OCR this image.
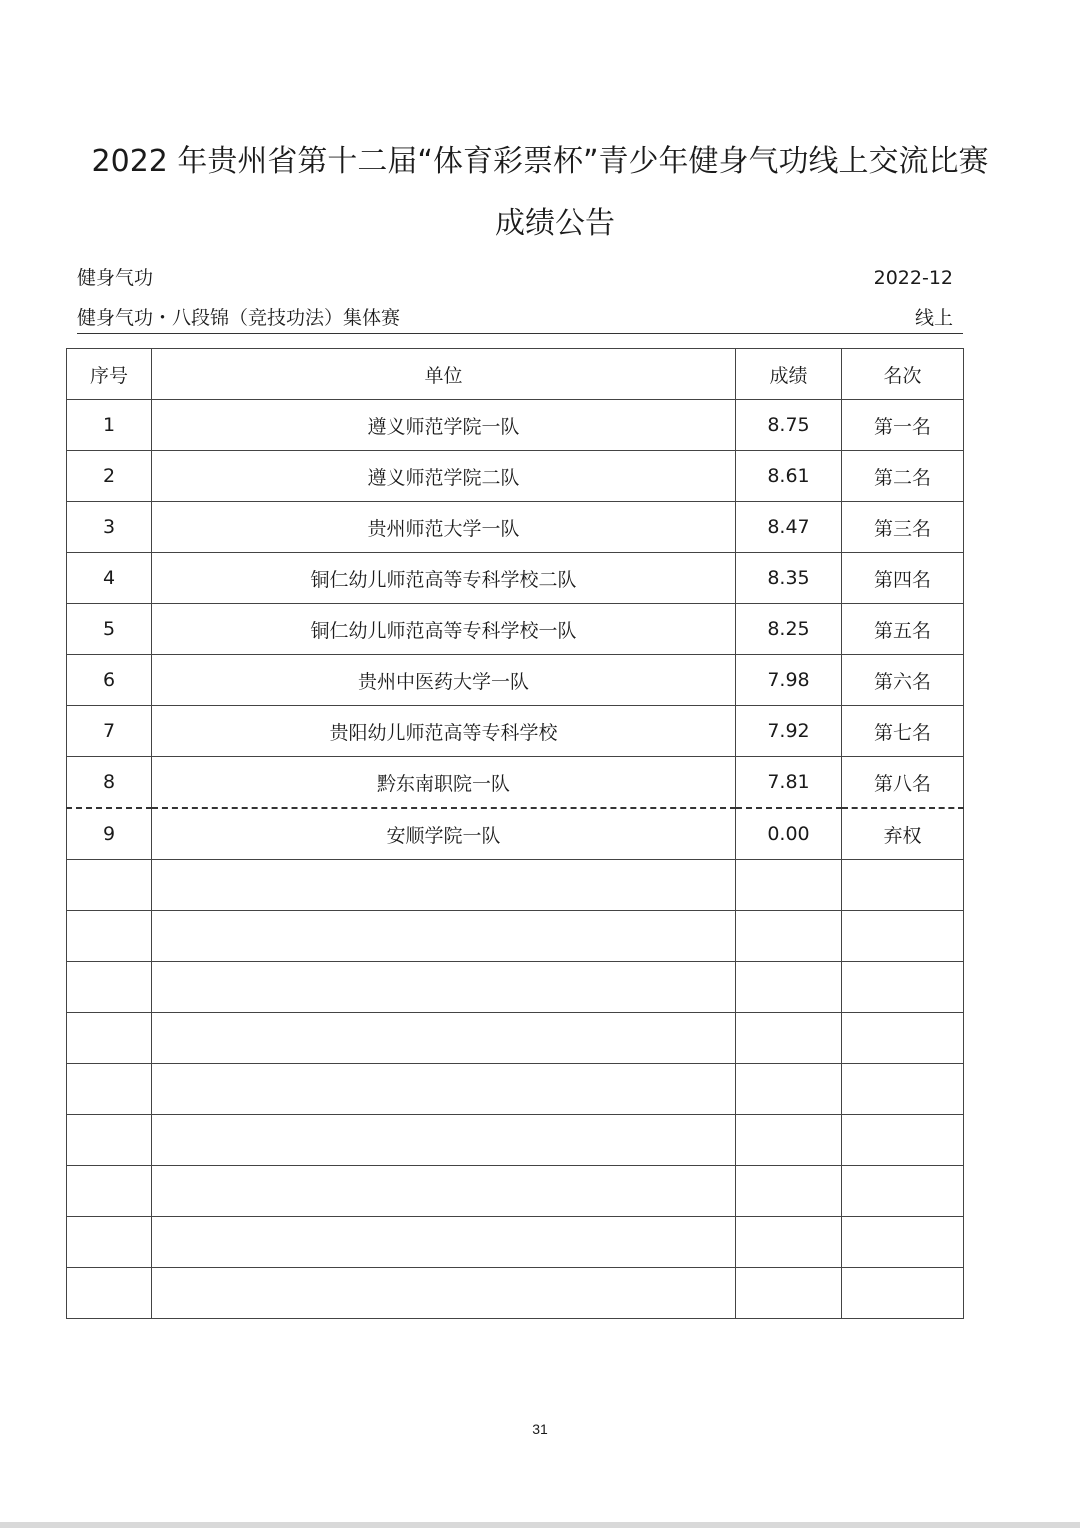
2022 年贵州省第十二届“体育彩票杯”青少年健身气功线上交流比赛
成绩公告
健身气功	2022-12
健身气功・八段锦（竞技功法）集体赛	线上
序号	单位	成绩	名次
1	遵义师范学院一队	8.75	第一名
2	遵义师范学院二队	8.61	第二名
3	贵州师范大学一队	8.47	第三名
4	铜仁幼儿师范高等专科学校二队	8.35	第四名
5	铜仁幼儿师范高等专科学校一队	8.25	第五名
6	贵州中医药大学一队	7.98	第六名
7	贵阳幼儿师范高等专科学校	7.92	第七名
8	黔东南职院一队	7.81	第八名
9	安顺学院一队	0.00	弃权

31
